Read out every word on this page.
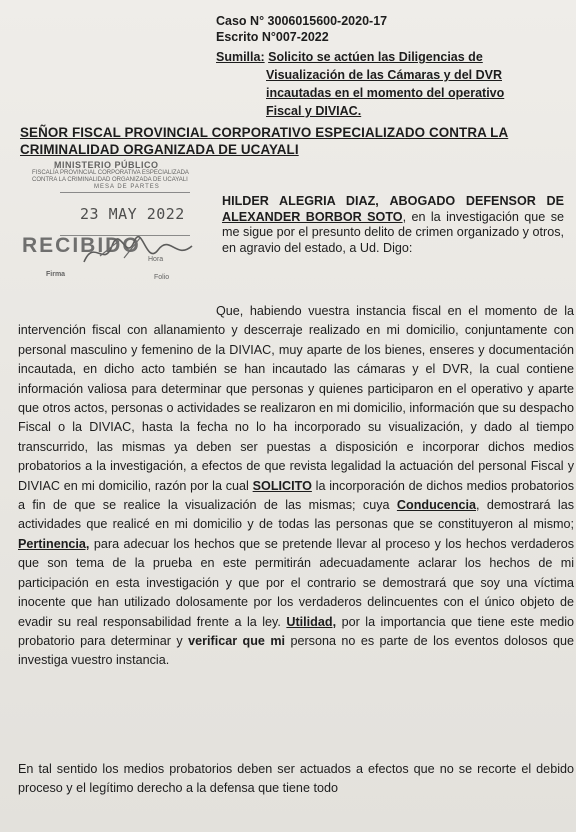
Caso N° 3006015600-2020-17
Escrito N°007-2022
Sumilla: Solicito se actúen las Diligencias de
Visualización de las Cámaras y del DVR
incautadas en el momento del operativo
Fiscal y DIVIAC.
SEÑOR FISCAL PROVINCIAL CORPORATIVO ESPECIALIZADO CONTRA LA CRIMINALIDAD ORGANIZADA DE UCAYALI
MINISTERIO PÚBLICO
FISCALÍA PROVINCIAL CORPORATIVA ESPECIALIZADA CONTRA LA CRIMINALIDAD ORGANIZADA DE UCAYALI
MESA DE PARTES
23 MAY 2022
RECIBIDO
Hora
Firma	Folio
HILDER ALEGRIA DIAZ, ABOGADO DEFENSOR DE ALEXANDER BORBOR SOTO, en la investigación que se me sigue por el presunto delito de crimen organizado y otros, en agravio del estado, a Ud. Digo:
Que, habiendo vuestra instancia fiscal en el momento de la intervención fiscal con allanamiento y descerraje realizado en mi domicilio, conjuntamente con personal masculino y femenino de la DIVIAC, muy aparte de los bienes, enseres y documentación incautada, en dicho acto también se han incautado las cámaras y el DVR, la cual contiene información valiosa para determinar que personas y quienes participaron en el operativo y aparte que otros actos, personas o actividades se realizaron en mi domicilio, información que su despacho Fiscal o la DIVIAC, hasta la fecha no lo ha incorporado su visualización, y dado al tiempo transcurrido, las mismas ya deben ser puestas a disposición e incorporar dichos medios probatorios a la investigación, a efectos de que revista legalidad la actuación del personal Fiscal y DIVIAC en mi domicilio, razón por la cual SOLICITO la incorporación de dichos medios probatorios a fin de que se realice la visualización de las mismas; cuya Conducencia, demostrará las actividades que realicé en mi domicilio y de todas las personas que se constituyeron al mismo; Pertinencia, para adecuar los hechos que se pretende llevar al proceso y los hechos verdaderos que son tema de la prueba en este permitirán adecuadamente aclarar los hechos de mi participación en esta investigación y que por el contrario se demostrará que soy una víctima inocente que han utilizado dolosamente por los verdaderos delincuentes con el único objeto de evadir su real responsabilidad frente a la ley. Utilidad, por la importancia que tiene este medio probatorio para determinar y verificar que mi persona no es parte de los eventos dolosos que investiga vuestro instancia.
En tal sentido los medios probatorios deben ser actuados a efectos que no se recorte el debido proceso y el legítimo derecho a la defensa que tiene todo
